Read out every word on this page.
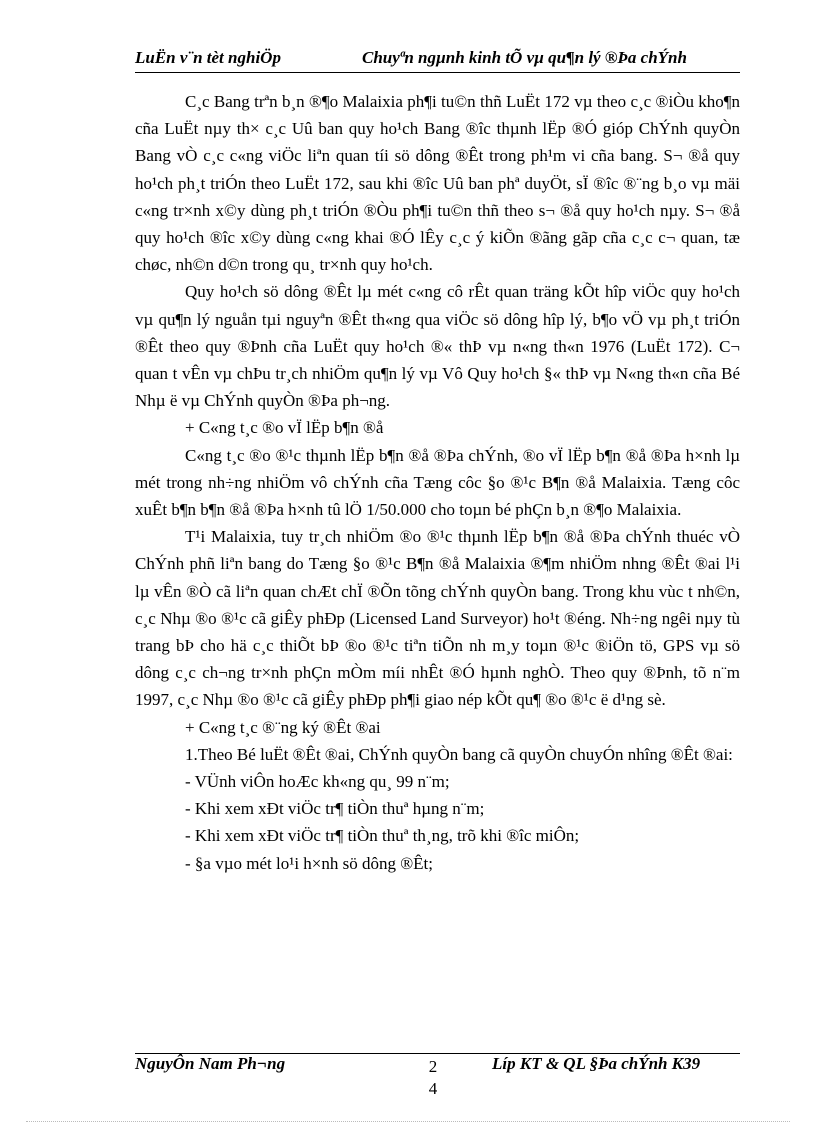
LuËn v¨n tèt nghiÖp	Chuyªn ngµnh kinh tÕ vµ qu¶n lý ®Þa chÝnh

C¸c Bang trªn b¸n ®¶o Malaixia ph¶i tu©n thñ LuËt 172 vµ theo c¸c ®iÒu kho¶n cña LuËt nµy th× c¸c Uû ban quy ho¹ch Bang ®îc thµnh lËp ®Ó gióp ChÝnh quyÒn Bang vÒ c¸c c«ng viÖc liªn quan tíi sö dông ®Êt trong ph¹m vi cña bang. S¬ ®å quy ho¹ch ph¸t triÓn theo LuËt 172, sau khi ®îc Uû ban phª duyÖt, sÏ ®îc ®¨ng b¸o vµ mäi c«ng tr×nh x©y dùng ph¸t triÓn ®Òu ph¶i tu©n thñ theo s¬ ®å quy ho¹ch nµy. S¬ ®å quy ho¹ch ®îc x©y dùng c«ng khai ®Ó lÊy c¸c ý kiÕn ®ãng gãp cña c¸c c¬ quan, tæ chøc, nh©n d©n trong qu¸ tr×nh quy ho¹ch.

Quy ho¹ch sö dông ®Êt lµ mét c«ng cô rÊt quan träng kÕt hîp viÖc quy ho¹ch vµ qu¶n lý nguån tµi nguyªn ®Êt th«ng qua viÖc sö dông hîp lý, b¶o vÖ vµ ph¸t triÓn ®Êt theo quy ®Þnh cña LuËt quy ho¹ch ®« thÞ vµ n«ng th«n 1976 (LuËt 172). C¬ quan t vÊn vµ chÞu tr¸ch nhiÖm qu¶n lý vµ Vô Quy ho¹ch §« thÞ vµ N«ng th«n cña Bé Nhµ ë vµ ChÝnh quyÒn ®Þa ph¬ng.

+ C«ng t¸c ®o vÏ lËp b¶n ®å

C«ng t¸c ®o ®¹c thµnh lËp b¶n ®å ®Þa chÝnh, ®o vÏ lËp b¶n ®å ®Þa h×nh lµ mét trong nh÷ng nhiÖm vô chÝnh cña Tæng côc §o ®¹c B¶n ®å Malaixia. Tæng côc xuÊt b¶n b¶n ®å ®Þa h×nh tû lÖ 1/50.000 cho toµn bé phÇn b¸n ®¶o Malaixia.

T¹i Malaixia, tuy tr¸ch nhiÖm ®o ®¹c thµnh lËp b¶n ®å ®Þa chÝnh thuéc vÒ ChÝnh phñ liªn bang do Tæng §o ®¹c B¶n ®å Malaixia ®¶m nhiÖm nhng ®Êt ®ai l¹i lµ vÊn ®Ò cã liªn quan chÆt chÏ ®Õn tõng chÝnh quyÒn bang. Trong khu vùc t nh©n, c¸c Nhµ ®o ®¹c cã giÊy phÐp (Licensed Land Surveyor) ho¹t ®éng. Nh÷ng ngêi nµy tù trang bÞ cho hä c¸c thiÕt bÞ ®o ®¹c tiªn tiÕn nh m¸y toµn ®¹c ®iÖn tö, GPS vµ sö dông c¸c ch¬ng tr×nh phÇn mÒm míi nhÊt ®Ó hµnh nghÒ. Theo quy ®Þnh, tõ n¨m 1997, c¸c Nhµ ®o ®¹c cã giÊy phÐp ph¶i giao nép kÕt qu¶ ®o ®¹c ë d¹ng sè.

+ C«ng t¸c ®¨ng ký ®Êt ®ai

1.Theo Bé luËt ®Êt ®ai, ChÝnh quyÒn bang cã quyÒn chuyÓn nhîng ®Êt ®ai:

- VÜnh viÔn hoÆc kh«ng qu¸ 99 n¨m;

- Khi xem xÐt viÖc tr¶ tiÒn thuª hµng n¨m;

- Khi xem xÐt viÖc tr¶ tiÒn thuª th¸ng, trõ khi ®îc miÔn;

- §a vµo mét lo¹i h×nh sö dông ®Êt;

NguyÔn Nam Ph¬ng	2
4
Líp KT & QL §Þa chÝnh K39
